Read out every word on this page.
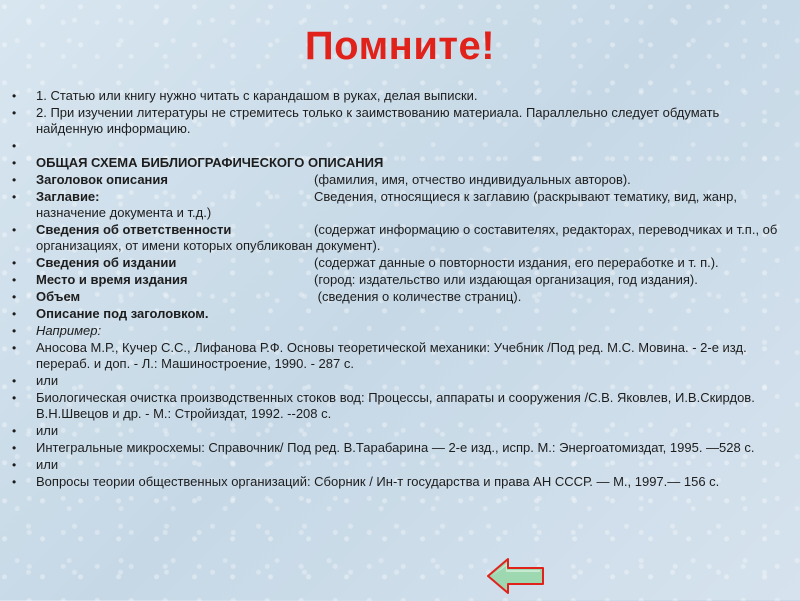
Помните!
•	1. Статью или книгу нужно читать с карандашом в руках, делая выписки.
•	2. При изучении литературы не стремитесь только к заимствованию материала. Параллельно следует обдумать найденную информацию.
•

•	ОБЩАЯ СХЕМА БИБЛИОГРАФИЧЕСКОГО ОПИСАНИЯ
•	Заголовок описания	(фамилия, имя, отчество индивидуальных авторов).
•	Заглавие:	Сведения, относящиеся к заглавию (раскрывают тематику, вид, жанр, назначение документа и т.д.)
•	Сведения об ответственности	(содержат информацию о составителях, редакторах, переводчиках и т.п., об организациях, от имени которых опубликован документ).
•	Сведения об издании	(содержат данные о повторности издания, его переработке и т. п.).
•	Место и время издания	(город: издательство или издающая организация, год издания).
•	Объем	(сведения о количестве страниц).
•	Описание под заголовком.
•	Например:
•	Аносова М.Р., Кучер С.С., Лифанова Р.Ф. Основы теоретической механики: Учебник /Под ред. М.С. Мовина. - 2-е изд. перераб. и доп. - Л.: Машиностроение, 1990. - 287 с.
•	или
•	Биологическая очистка производственных стоков вод: Процессы, аппараты и сооружения /С.В. Яковлев, И.В.Скирдов. В.Н.Швецов и др. - М.: Стройиздат, 1992. --208 с.
•	или
•	Интегральные микросхемы: Справочник/ Под ред. В.Тарабарина — 2-е изд., испр. М.: Энергоатомиздат, 1995. —528 с.
•	или
•	Вопросы теории общественных организаций: Сборник / Ин-т государства и права АН СССР. — М., 1997.— 156 с.
